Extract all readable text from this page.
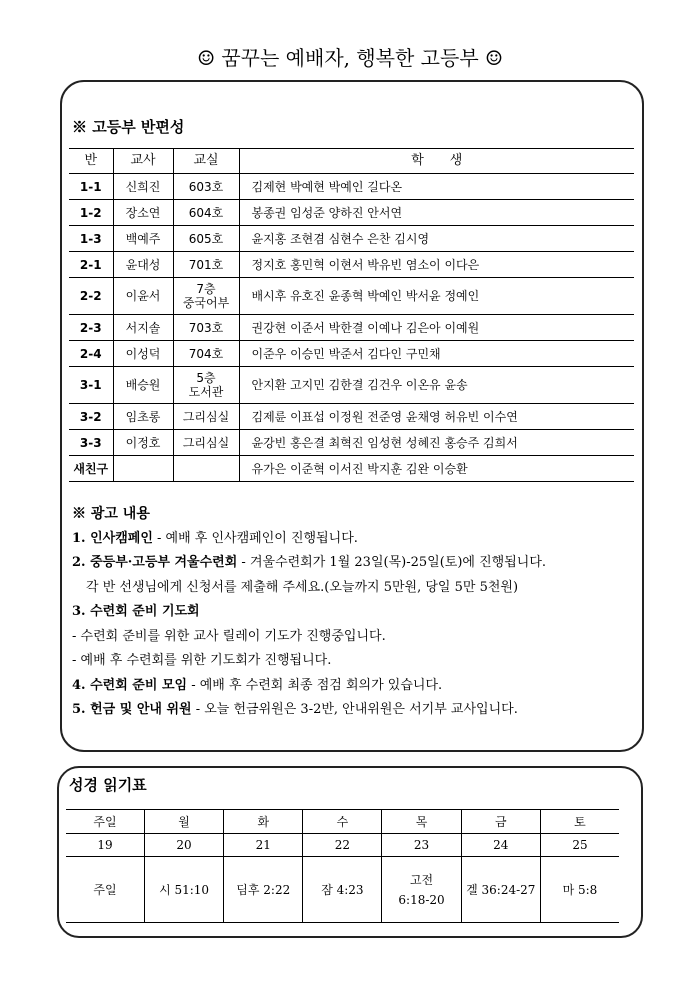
☺ 꿈꾸는 예배자, 행복한 고등부 ☺
※ 고등부 반편성
반	교사	교실	학　　생
1-1	신희진	603호	김제현 박예현 박예인 길다온
1-2	장소연	604호	봉종권 임성준 양하진 안서연
1-3	백예주	605호	윤지홍 조현겸 심현수 은찬 김시영
2-1	윤대성	701호	정지호 홍민혁 이현서 박유빈 염소이 이다은
2-2	이윤서	7층
중국어부	배시후 유호진 윤종혁 박예인 박서윤 정예인
2-3	서지솔	703호	권강현 이준서 박한결 이예나 김은아 이예원
2-4	이성덕	704호	이준우 이승민 박준서 김다인 구민채
3-1	배승원	5층
도서관	안지환 고지민 김한결 김건우 이온유 윤송
3-2	임초롱	그리심실	김제륜 이표섭 이정원 전준영 윤채영 허유빈 이수연
3-3	이정호	그리심실	윤강빈 홍은결 최혁진 임성현 성혜진 홍승주 김희서
새친구			유가은 이준혁 이서진 박지훈 김완 이승환
※ 광고 내용
1. 인사캠페인 - 예배 후 인사캠페인이 진행됩니다.
2. 중등부·고등부 겨울수련회 - 겨울수련회가 1월 23일(목)-25일(토)에 진행됩니다.
각 반 선생님에게 신청서를 제출해 주세요.(오늘까지 5만원, 당일 5만 5천원)
3. 수련회 준비 기도회
- 수련회 준비를 위한 교사 릴레이 기도가 진행중입니다.
- 예배 후 수련회를 위한 기도회가 진행됩니다.
4. 수련회 준비 모임 - 예배 후 수련회 최종 점검 회의가 있습니다.
5. 헌금 및 안내 위원 - 오늘 헌금위원은 3-2반, 안내위원은 서기부 교사입니다.
성경 읽기표
주일	월	화	수	목	금	토
19	20	21	22	23	24	25
주일	시 51:10	딤후 2:22	잠 4:23	고전
6:18-20	겔 36:24-27	마 5:8
